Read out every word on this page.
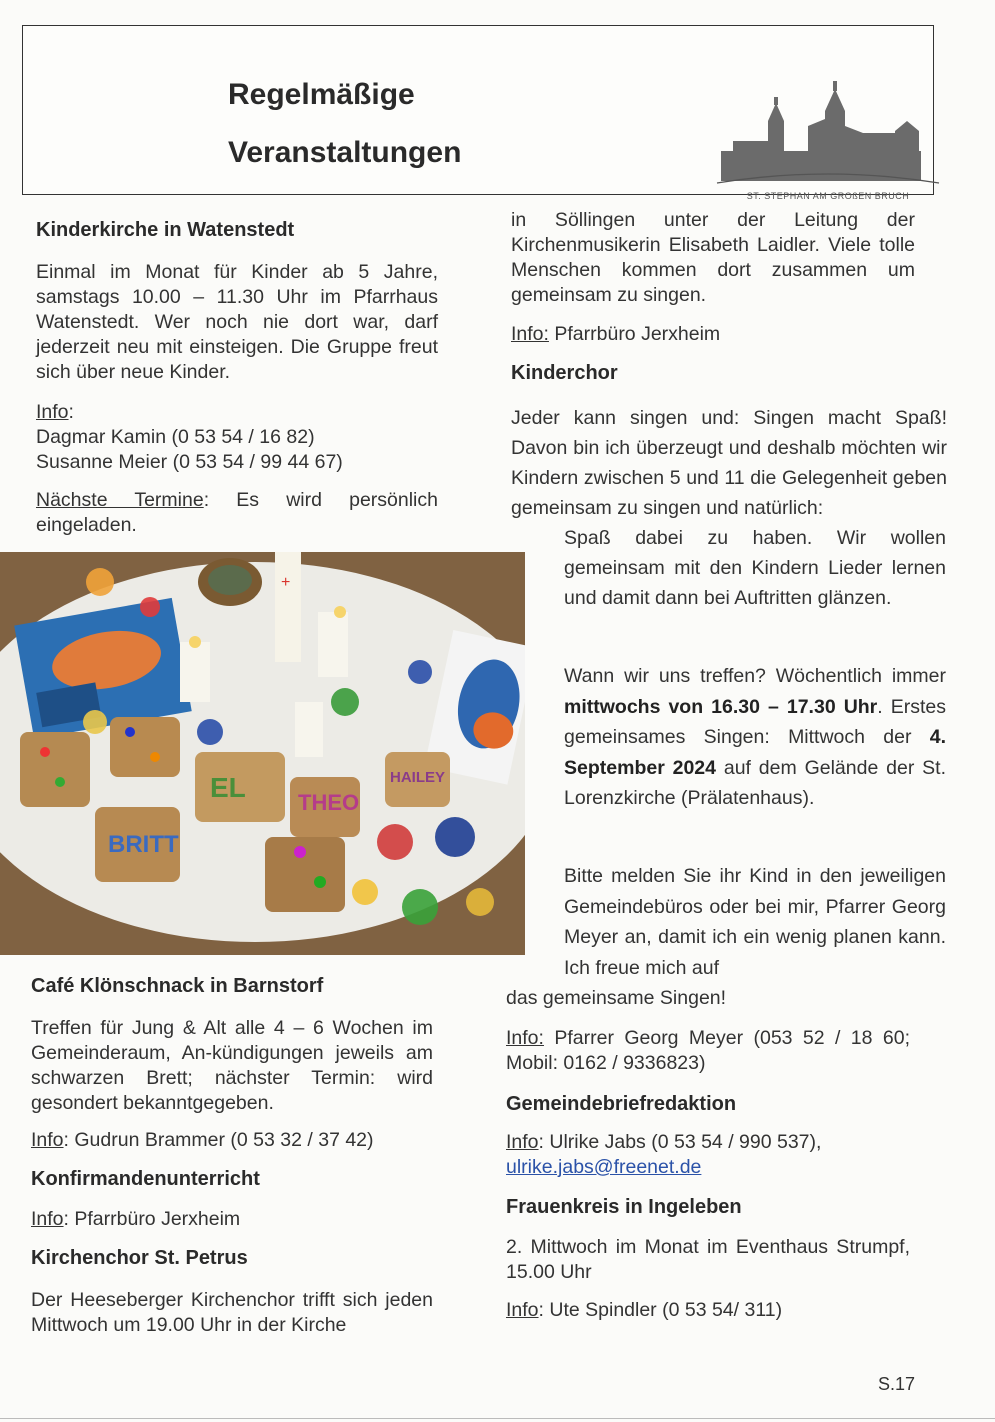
Regelmäßige
Veranstaltungen
ST. STEPHAN AM GROßEN BRUCH
Kinderkirche in Watenstedt
Einmal im Monat für Kinder ab 5 Jahre, samstags 10.00 – 11.30 Uhr im Pfarrhaus Watenstedt. Wer noch nie dort war, darf jederzeit neu mit einsteigen. Die Gruppe freut sich über neue Kinder.
Info:
Dagmar Kamin (0 53 54 / 16 82)
Susanne Meier (0 53 54 / 99 44 67)
Nächste Termine: Es wird persönlich eingeladen.
+
EL THEO
HAILEY
BRITT
Café Klönschnack in Barnstorf
Treffen für Jung & Alt alle 4 – 6 Wochen im Gemeinderaum, An-kündigungen jeweils am schwarzen Brett; nächster Termin: wird gesondert bekanntgegeben.
Info: Gudrun Brammer (0 53 32 / 37 42)
Konfirmandenunterricht
Info: Pfarrbüro Jerxheim
Kirchenchor St. Petrus
Der Heeseberger Kirchenchor trifft sich jeden Mittwoch um 19.00 Uhr in der Kirche
in Söllingen unter der Leitung der Kirchenmusikerin Elisabeth Laidler. Viele tolle Menschen kommen dort zusammen um gemeinsam zu singen.
Info: Pfarrbüro Jerxheim
Kinderchor
Jeder kann singen und: Singen macht Spaß! Davon bin ich überzeugt und deshalb möchten wir Kindern zwischen 5 und 11 die Gelegenheit geben gemeinsam zu singen und natürlich:
Spaß dabei zu haben. Wir wollen gemeinsam mit den Kindern Lieder lernen und damit dann bei Auftritten glänzen.
Wann wir uns treffen? Wöchentlich immer mittwochs von 16.30 – 17.30 Uhr. Erstes gemeinsames Singen: Mittwoch der 4. September 2024 auf dem Gelände der St. Lorenzkirche (Prälatenhaus).
Bitte melden Sie ihr Kind in den jeweiligen Gemeindebüros oder bei mir, Pfarrer Georg Meyer an, damit ich ein wenig planen kann. Ich freue mich auf
das gemeinsame Singen!
Info: Pfarrer Georg Meyer (053 52 / 18 60; Mobil: 0162 / 9336823)
Gemeindebriefredaktion
Info: Ulrike Jabs (0 53 54 / 990 537),
ulrike.jabs@freenet.de
Frauenkreis in Ingeleben
2. Mittwoch im Monat im Eventhaus Strumpf, 15.00 Uhr
Info: Ute Spindler (0 53 54/ 311)
S.17
